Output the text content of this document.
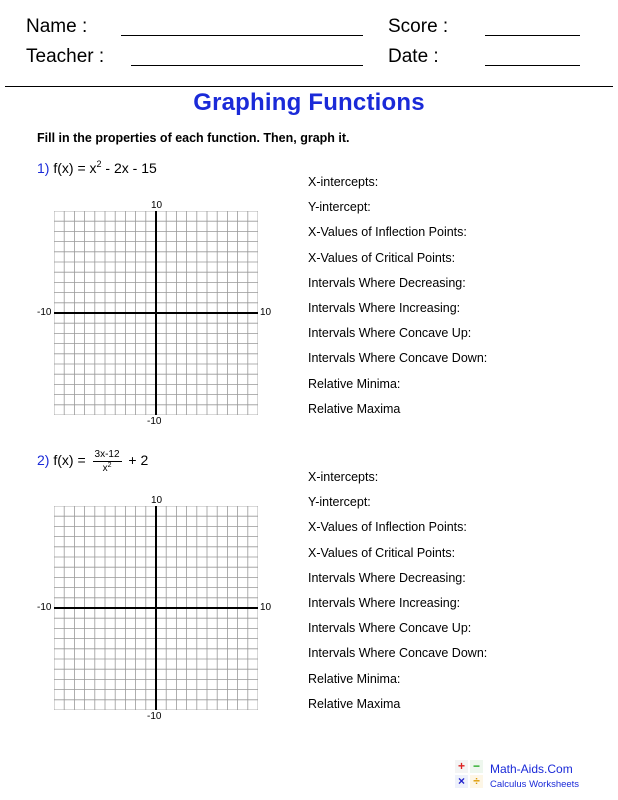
Name :	Score :
Teacher :	Date :
Graphing Functions
Fill in the properties of each function. Then, graph it.
1) $f(x) = x^2 - 2x - 15$
10
-10
-10	10
X-intercepts:
Y-intercept:
X-Values of Inflection Points:
X-Values of Critical Points:
Intervals Where Decreasing:
Intervals Where Increasing:
Intervals Where Concave Up:
Intervals Where Concave Down:
Relative Minima:
Relative Maxima
2) $f(x) = \frac{3x-12}{x^2} + 2$
10
-10
-10	10
X-intercepts:
Y-intercept:
X-Values of Inflection Points:
X-Values of Critical Points:
Intervals Where Decreasing:
Intervals Where Increasing:
Intervals Where Concave Up:
Intervals Where Concave Down:
Relative Minima:
Relative Maxima
+ −
× ÷
Math-Aids.Com
Calculus Worksheets
